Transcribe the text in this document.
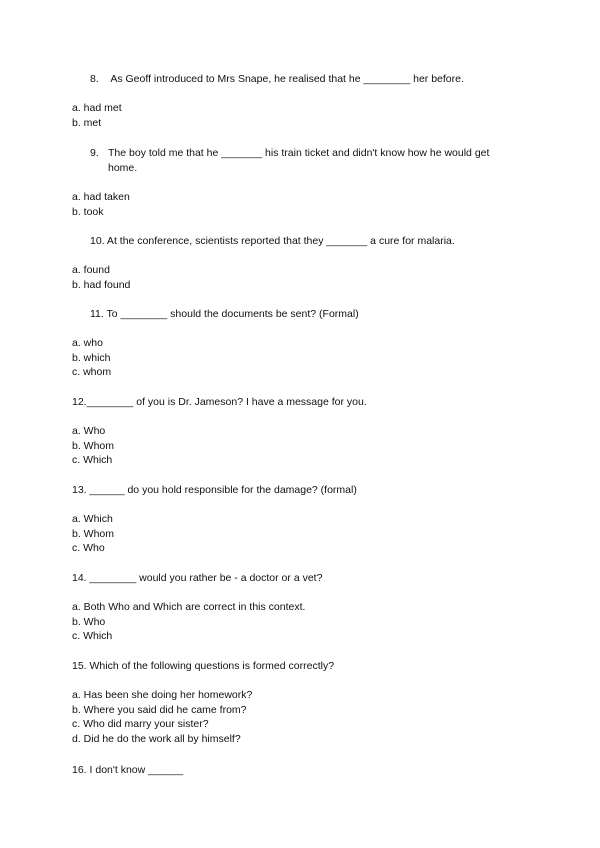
8. As Geoff introduced to Mrs Snape, he realised that he ________ her before.
a. had met
b. met
9. The boy told me that he _______ his train ticket and didn't know how he would get home.
a. had taken
b. took
10. At the conference, scientists reported that they _______ a cure for malaria.
a. found
b. had found
11. To ________ should the documents be sent? (Formal)
a. who
b. which
c. whom
12.________ of you is Dr. Jameson? I have a message for you.
a. Who
b. Whom
c. Which
13. ______ do you hold responsible for the damage? (formal)
a. Which
b. Whom
c. Who
14. ________ would you rather be - a doctor or a vet?
a. Both Who and Which are correct in this context.
b. Who
c. Which
15. Which of the following questions is formed correctly?
a. Has been she doing her homework?
b. Where you said did he came from?
c. Who did marry your sister?
d. Did he do the work all by himself?
16. I don't know ______
